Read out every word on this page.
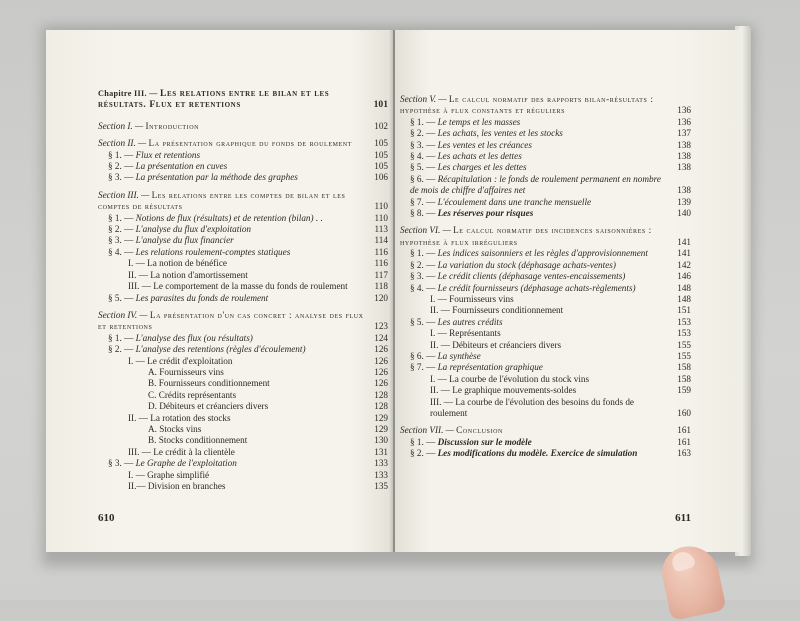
Chapitre III. — Les relations entre le bilan et les résultats. Flux et retentions	101
Section I. — Introduction	102
Section II. — La présentation graphique du fonds de roulement	105
§ 1. — Flux et retentions	105
§ 2. — La présentation en cuves	105
§ 3. — La présentation par la méthode des graphes	106
Section III. — Les relations entre les comptes de bilan et les comptes de résultats	110
§ 1. — Notions de flux (résultats) et de retention (bilan) . .	110
§ 2. — L'analyse du flux d'exploitation	113
§ 3. — L'analyse du flux financier	114
§ 4. — Les relations roulement-comptes statiques	116
I. — La notion de bénéfice	116
II. — La notion d'amortissement	117
III. — Le comportement de la masse du fonds de roulement	118
§ 5. — Les parasites du fonds de roulement	120
Section IV. — La présentation d'un cas concret : analyse des flux et retentions	123
§ 1. — L'analyse des flux (ou résultats)	124
§ 2. — L'analyse des retentions (règles d'écoulement)	126
I. — Le crédit d'exploitation	126
A. Fournisseurs vins	126
B. Fournisseurs conditionnement	126
C. Crédits représentants	128
D. Débiteurs et créanciers divers	128
II. — La rotation des stocks	129
A. Stocks vins	129
B. Stocks conditionnement	130
III. — Le crédit à la clientèle	131
§ 3. — Le Graphe de l'exploitation	133
I. — Graphe simplifié	133
II.— Division en branches	135
610
Section V. — Le calcul normatif des rapports bilan-résultats : hypothèse à flux constants et réguliers	136
§ 1. — Le temps et les masses	136
§ 2. — Les achats, les ventes et les stocks	137
§ 3. — Les ventes et les créances	138
§ 4. — Les achats et les dettes	138
§ 5. — Les charges et les dettes	138
§ 6. — Récapitulation : le fonds de roulement permanent en nombre de mois de chiffre d'affaires net	138
§ 7. — L'écoulement dans une tranche mensuelle	139
§ 8. — Les réserves pour risques	140
Section VI. — Le calcul normatif des incidences saisonnières : hypothèse à flux irréguliers	141
§ 1. — Les indices saisonniers et les règles d'approvisionnement	141
§ 2. — La variation du stock (déphasage achats-ventes)	142
§ 3. — Le crédit clients (déphasage ventes-encaissements)	146
§ 4. — Le crédit fournisseurs (déphasage achats-règlements)	148
I. — Fournisseurs vins	148
II. — Fournisseurs conditionnement	151
§ 5. — Les autres crédits	153
I. — Représentants	153
II. — Débiteurs et créanciers divers	155
§ 6. — La synthèse	155
§ 7. — La représentation graphique	158
I. — La courbe de l'évolution du stock vins	158
II. — Le graphique mouvements-soldes	159
III. — La courbe de l'évolution des besoins du fonds de roulement	160
Section VII. — Conclusion	161
§ 1. — Discussion sur le modèle	161
§ 2. — Les modifications du modèle. Exercice de simulation	163
611
